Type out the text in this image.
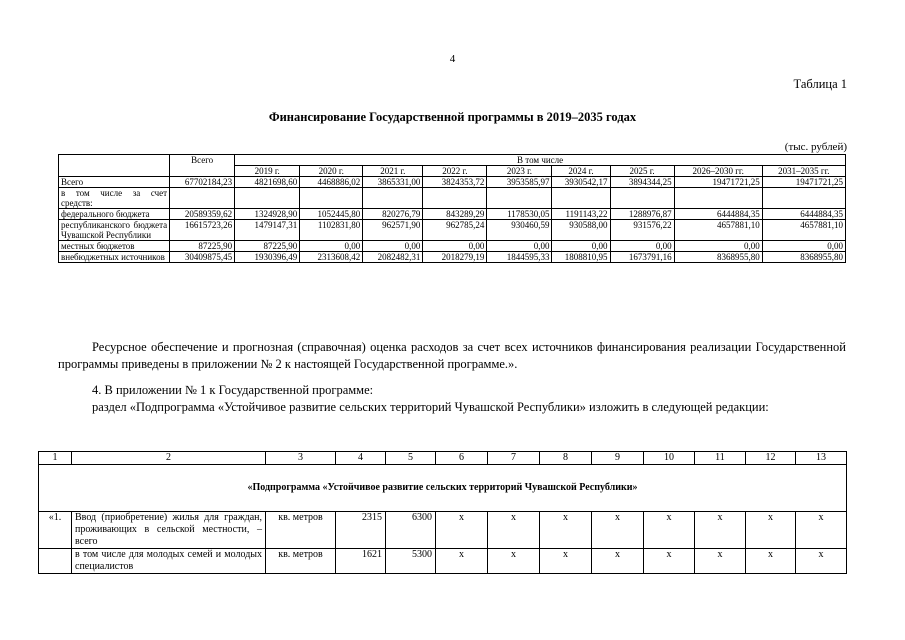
4
Таблица 1
Финансирование Государственной программы в 2019–2035 годах
(тыс. рублей)
	Всего	В том числе								
		2019 г.	2020 г.	2021 г.	2022 г.	2023 г.	2024 г.	2025 г.	2026–2030 гг.	2031–2035 гг.
Всего	67702184,23	4821698,60	4468886,02	3865331,00	3824353,72	3953585,97	3930542,17	3894344,25	19471721,25	19471721,25
в том числе за счет средств:										
федерального бюджета	20589359,62	1324928,90	1052445,80	820276,79	843289,29	1178530,05	1191143,22	1288976,87	6444884,35	6444884,35
республиканского бюджета Чувашской Республики	16615723,26	1479147,31	1102831,80	962571,90	962785,24	930460,59	930588,00	931576,22	4657881,10	4657881,10
местных бюджетов	87225,90	87225,90	0,00	0,00	0,00	0,00	0,00	0,00	0,00	0,00
внебюджетных источников	30409875,45	1930396,49	2313608,42	2082482,31	2018279,19	1844595,33	1808810,95	1673791,16	8368955,80	8368955,80
Ресурсное обеспечение и прогнозная (справочная) оценка расходов за счет всех источников финансирования реализации Государственной программы приведены в приложении № 2 к настоящей Государственной программе.».
4. В приложении № 1 к Государственной программе:
раздел «Подпрограмма «Устойчивое развитие сельских территорий Чувашской Республики» изложить в следующей редакции:
1	2	3	4	5	6	7	8	9	10	11	12	13
«Подпрограмма «Устойчивое развитие сельских территорий Чувашской Республики»												
«1.	Ввод (приобретение) жилья для граждан, проживающих в сельской местности, – всего	кв. метров	2315	6300	x	x	x	x	x	x	x	x
	в том числе для молодых семей и молодых специалистов	кв. метров	1621	5300	x	x	x	x	x	x	x	x
